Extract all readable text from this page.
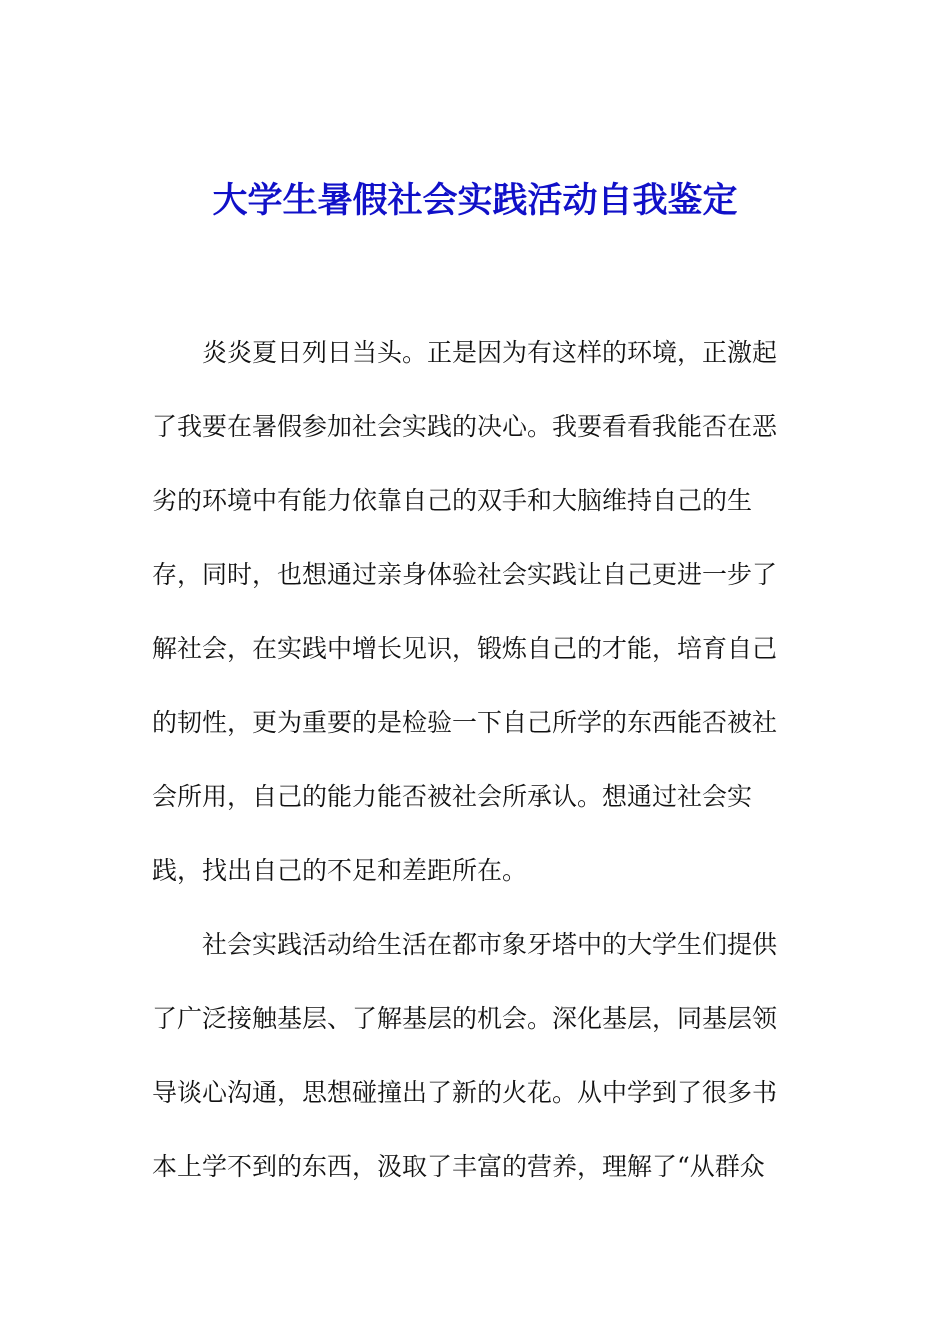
大学生暑假社会实践活动自我鉴定
　　炎炎夏日列日当头。正是因为有这样的环境，正激起
了我要在暑假参加社会实践的决心。我要看看我能否在恶
劣的环境中有能力依靠自己的双手和大脑维持自己的生
存，同时，也想通过亲身体验社会实践让自己更进一步了
解社会，在实践中增长见识，锻炼自己的才能，培育自己
的韧性，更为重要的是检验一下自己所学的东西能否被社
会所用，自己的能力能否被社会所承认。想通过社会实
践，找出自己的不足和差距所在。
　　社会实践活动给生活在都市象牙塔中的大学生们提供
了广泛接触基层、了解基层的机会。深化基层，同基层领
导谈心沟通，思想碰撞出了新的火花。从中学到了很多书
本上学不到的东西，汲取了丰富的营养，理解了“从群众
